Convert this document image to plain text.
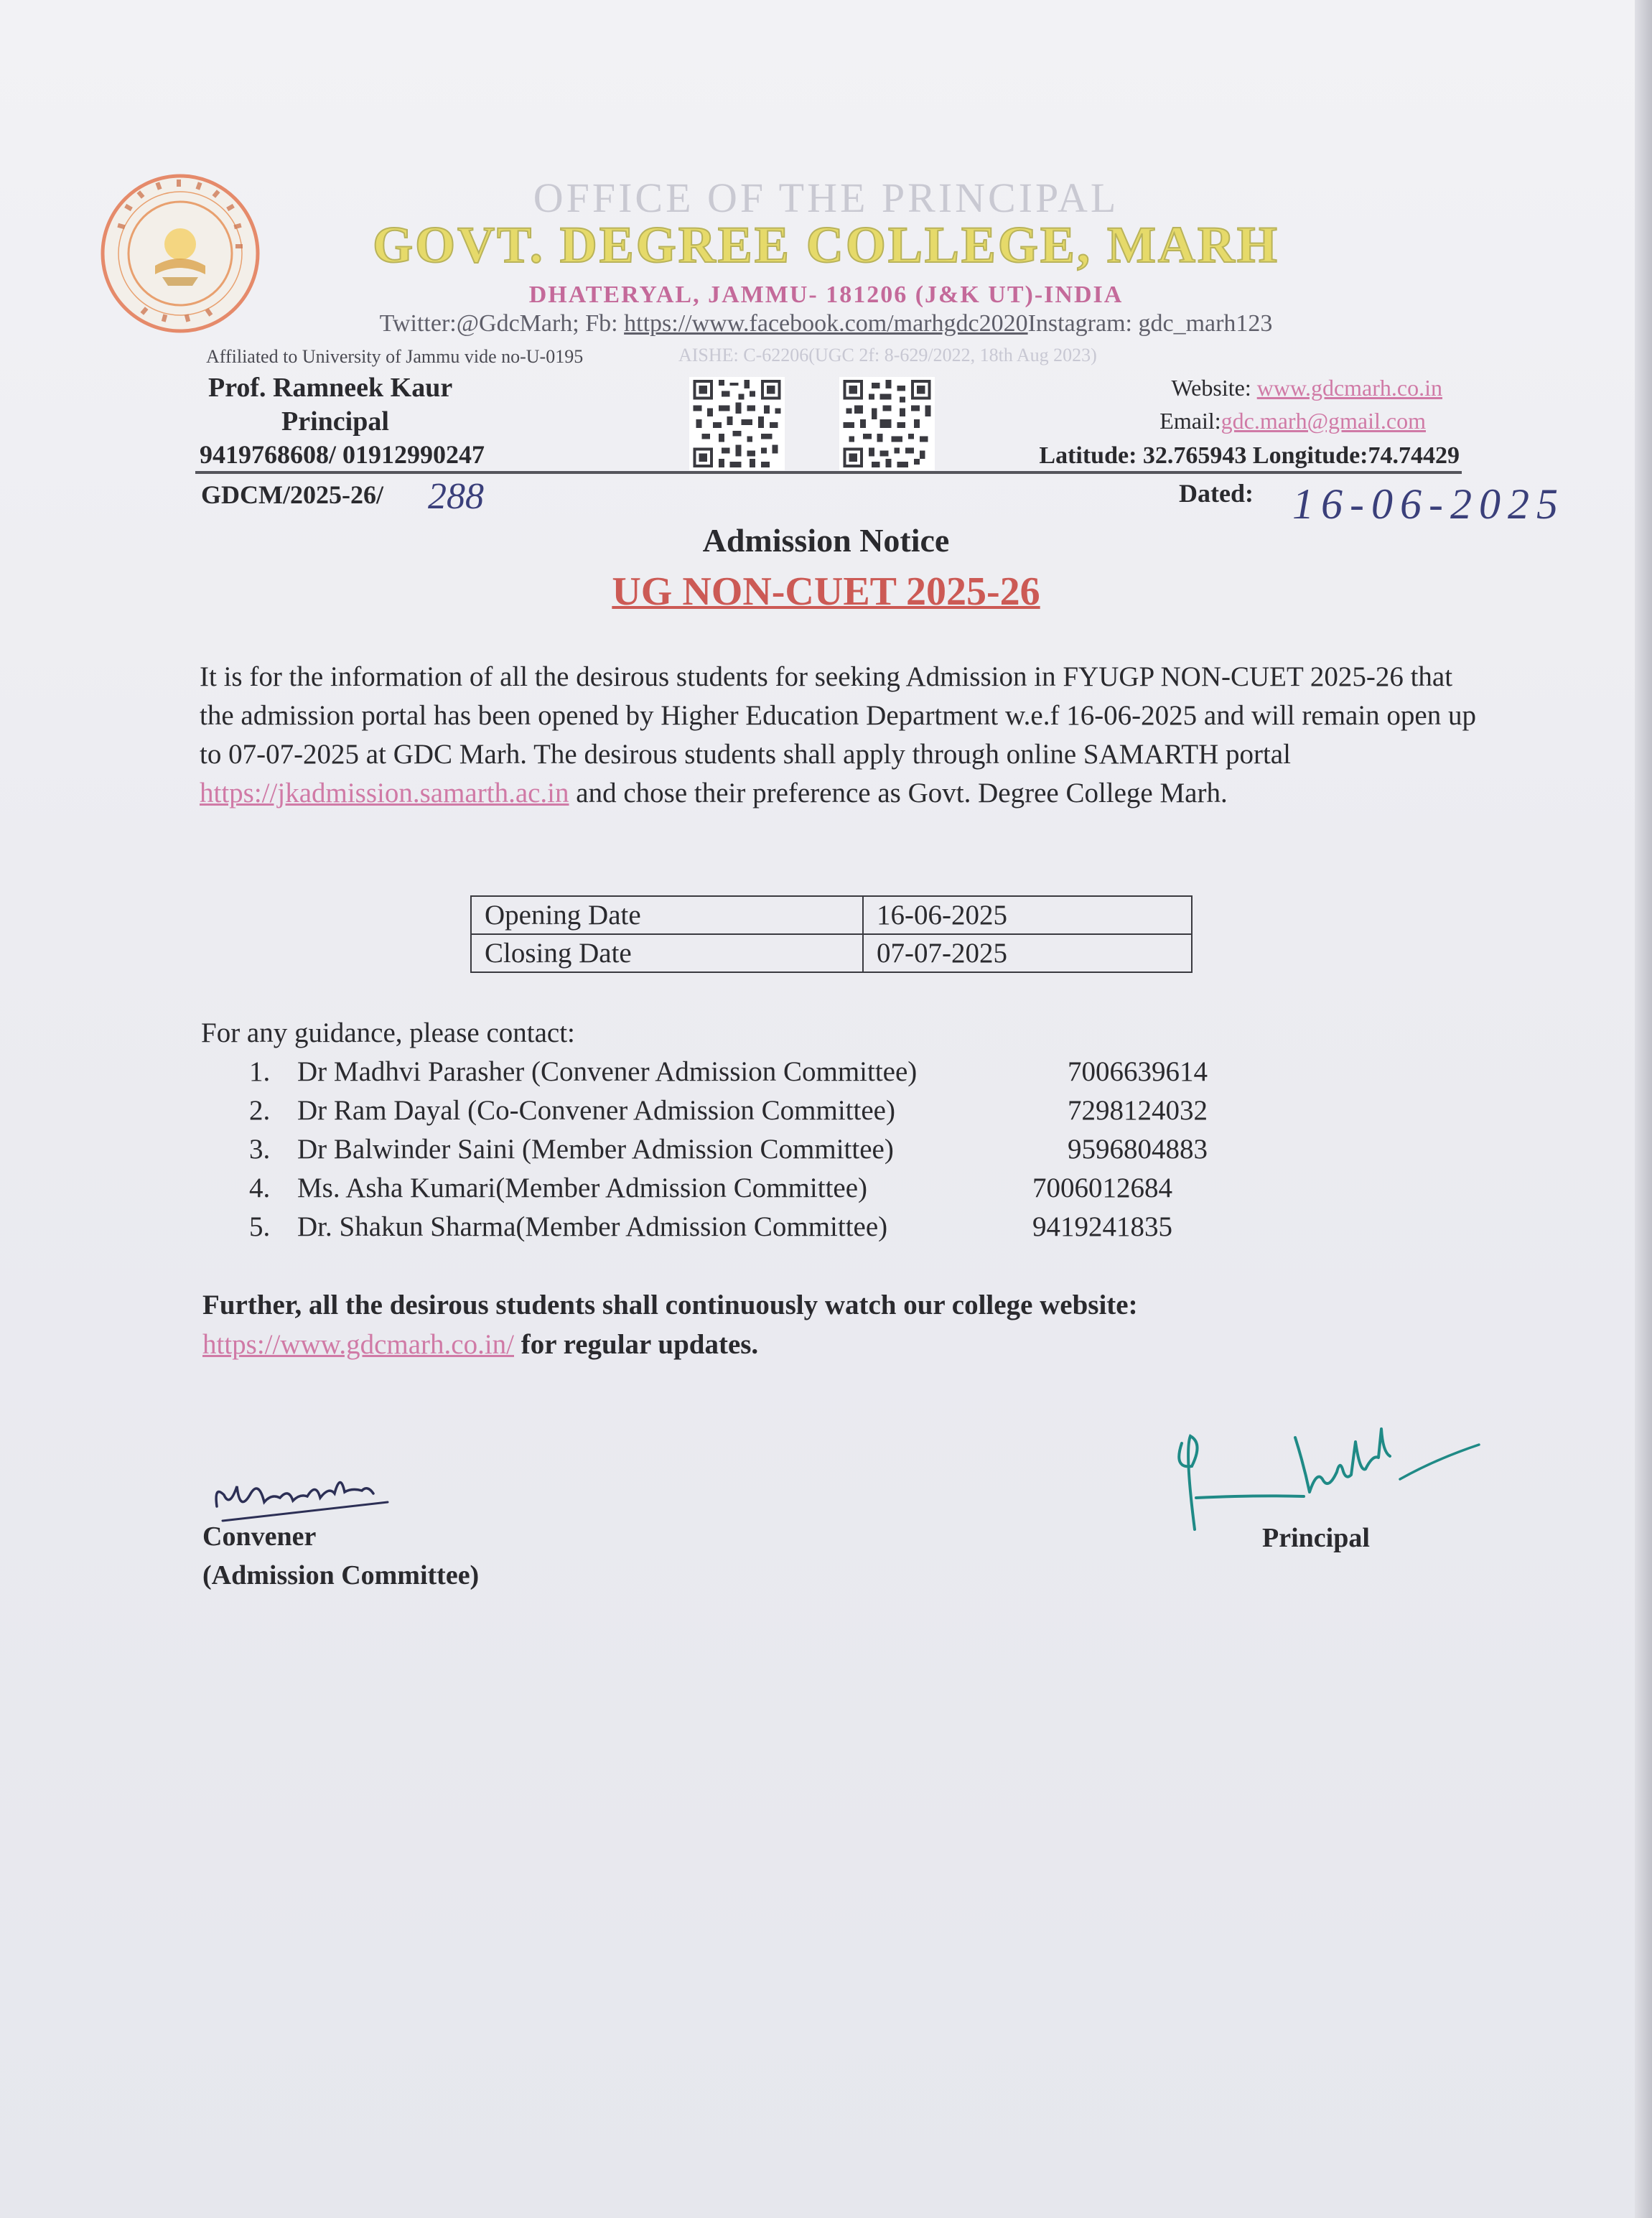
OFFICE OF THE PRINCIPAL
GOVT. DEGREE COLLEGE, MARH
DHATERYAL, JAMMU- 181206 (J&K UT)-INDIA
Twitter:@GdcMarh; Fb: https://www.facebook.com/marhgdc2020Instagram: gdc_marh123
Affiliated to University of Jammu vide no-U-0195	AISHE: C-62206(UGC 2f: 8-629/2022, 18th Aug 2023)
Prof. Ramneek Kaur
Principal
9419768608/ 01912990247
Website: www.gdcmarh.co.in
Email:gdc.marh@gmail.com
Latitude: 32.765943 Longitude:74.74429
GDCM/2025-26/ 288	Dated: 16-06-2025
Admission Notice
UG NON-CUET 2025-26
It is for the information of all the desirous students for seeking Admission in FYUGP NON-CUET 2025-26 that the admission portal has been opened by Higher Education Department w.e.f 16-06-2025 and will remain open up to 07-07-2025 at GDC Marh. The desirous students shall apply through online SAMARTH portal https://jkadmission.samarth.ac.in and chose their preference as Govt. Degree College Marh.
Opening Date	16-06-2025
Closing Date	07-07-2025
For any guidance, please contact:
1. Dr Madhvi Parasher (Convener Admission Committee)	7006639614
2. Dr Ram Dayal (Co-Convener Admission Committee)	7298124032
3. Dr Balwinder Saini (Member Admission Committee)	9596804883
4. Ms. Asha Kumari(Member Admission Committee)	7006012684
5. Dr. Shakun Sharma(Member Admission Committee)	9419241835
Further, all the desirous students shall continuously watch our college website:
https://www.gdcmarh.co.in/ for regular updates.
Convener
(Admission Committee)
Principal
